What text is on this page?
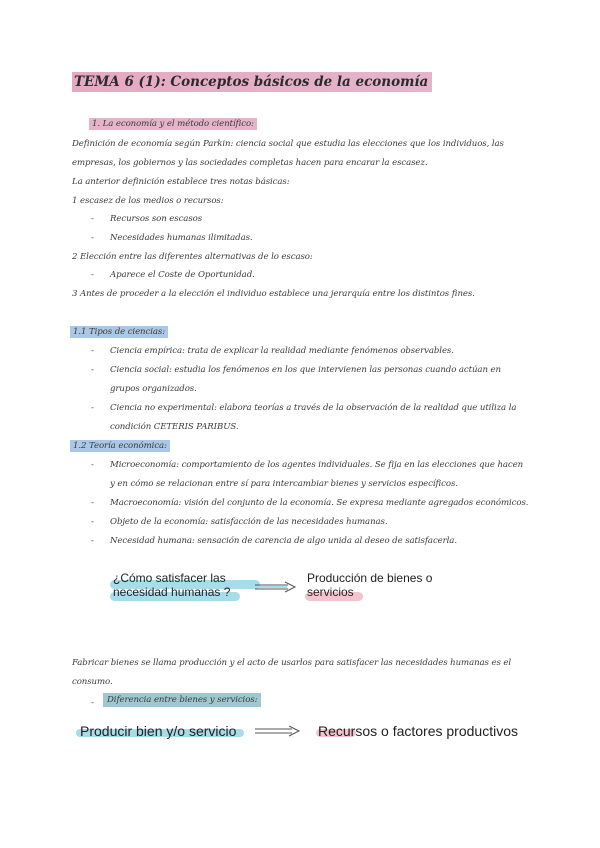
TEMA 6 (1): Conceptos básicos de la economía
1. La economía y el método científico:
Definición de economía según Parkin: ciencia social que estudia las elecciones que los individuos, las
empresas, los gobiernos y las sociedades completas hacen para encarar la escasez.
La anterior definición establece tres notas básicas:
1 escasez de los medios o recursos:
- Recursos son escasos
- Necesidades humanas ilimitadas.
2 Elección entre las diferentes alternativas de lo escaso:
- Aparece el Coste de Oportunidad.
3 Antes de proceder a la elección el individuo establece una jerarquía entre los distintos fines.
1.1 Tipos de ciencias:
- Ciencia empírica: trata de explicar la realidad mediante fenómenos observables.
- Ciencia social: estudia los fenómenos en los que intervienen las personas cuando actúan en
grupos organizados.
- Ciencia no experimental: elabora teorías a través de la observación de la realidad que utiliza la
condición CETERIS PARIBUS.
1.2 Teoría económica:
- Microeconomía: comportamiento de los agentes individuales. Se fija en las elecciones que hacen
y en cómo se relacionan entre sí para intercambiar bienes y servicios específicos.
- Macroeconomía: visión del conjunto de la economía. Se expresa mediante agregados económicos.
- Objeto de la economía: satisfacción de las necesidades humanas.
- Necesidad humana: sensación de carencia de algo unida al deseo de satisfacerla.
¿Cómo satisfacer las
necesidad humanas ?
Producción de bienes o
servicios
Fabricar bienes se llama producción y el acto de usarlos para satisfacer las necesidades humanas es el
consumo.
-	Diferencia entre bienes y servicios:
Producir bien y/o servicio	Recursos o factores productivos
